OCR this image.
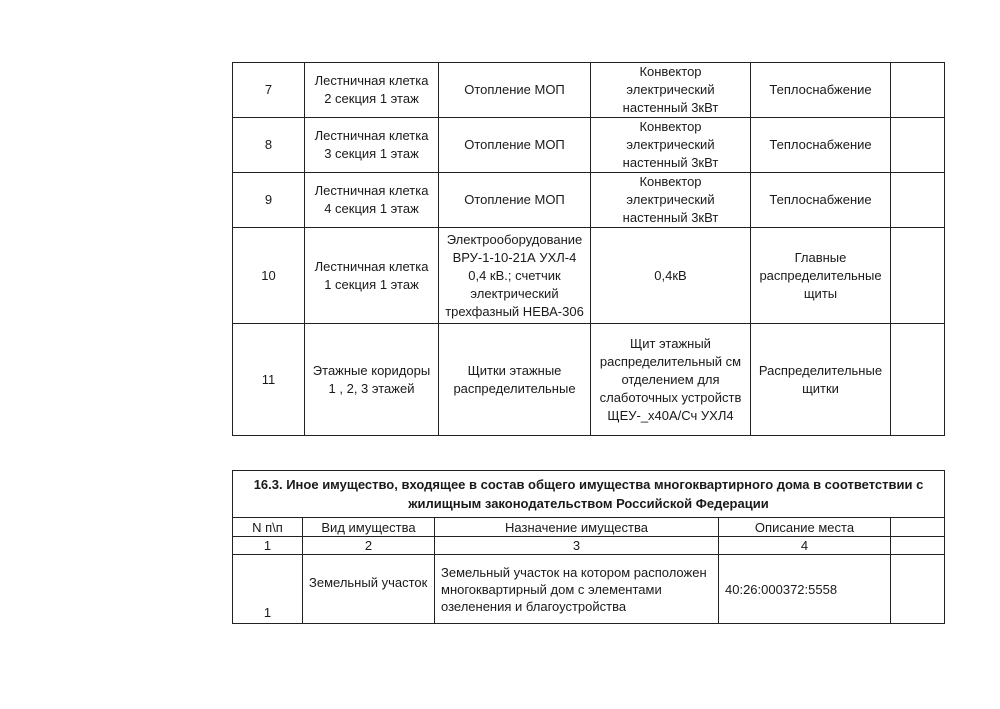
7	Лестничная клетка 2 секция 1 этаж	Отопление МОП	Конвектор электрический настенный 3кВт	Теплоснабжение	
8	Лестничная клетка 3 секция 1 этаж	Отопление МОП	Конвектор электрический настенный 3кВт	Теплоснабжение	
9	Лестничная клетка 4 секция 1 этаж	Отопление МОП	Конвектор электрический настенный 3кВт	Теплоснабжение	
10	Лестничная клетка 1 секция 1 этаж	Электрооборудование ВРУ-1-10-21А УХЛ-4 0,4 кВ.; счетчик электрический трехфазный НЕВА-306	0,4кВ	Главные распределительные щиты	
11	Этажные коридоры 1 , 2, 3 этажей	Щитки этажные распределительные	Щит этажный распределительный см отделением для слаботочных устройств ЩЕУ-_х40А/Сч УХЛ4	Распределительные щитки	
16.3. Иное имущество, входящее в состав общего имущества многоквартирного дома в соответствии с жилищным законодательством Российской Федерации				
N п\п	Вид имущества	Назначение имущества	Описание места	
1	2	3	4	
1	Земельный участок	Земельный участок на котором расположен многоквартирный дом с элементами озеленения и благоустройства	40:26:000372:5558	
